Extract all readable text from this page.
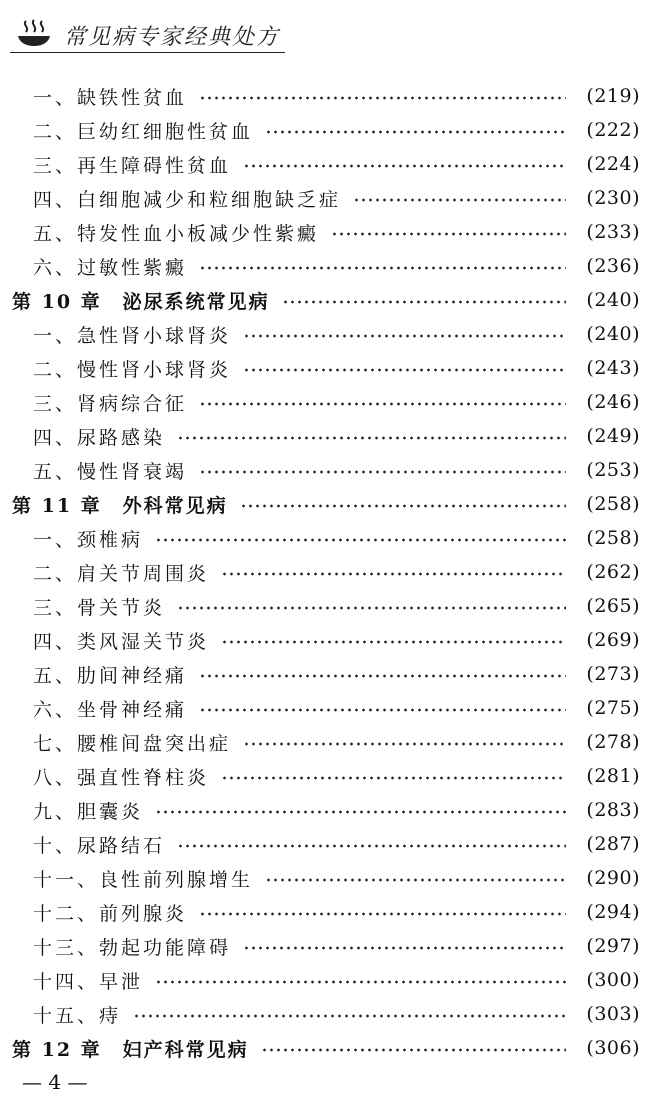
常见病专家经典处方
一、缺铁性贫血	(219)
二、巨幼红细胞性贫血	(222)
三、再生障碍性贫血	(224)
四、白细胞减少和粒细胞缺乏症	(230)
五、特发性血小板减少性紫癜	(233)
六、过敏性紫癜	(236)
第 10 章　泌尿系统常见病	(240)
一、急性肾小球肾炎	(240)
二、慢性肾小球肾炎	(243)
三、肾病综合征	(246)
四、尿路感染	(249)
五、慢性肾衰竭	(253)
第 11 章　外科常见病	(258)
一、颈椎病	(258)
二、肩关节周围炎	(262)
三、骨关节炎	(265)
四、类风湿关节炎	(269)
五、肋间神经痛	(273)
六、坐骨神经痛	(275)
七、腰椎间盘突出症	(278)
八、强直性脊柱炎	(281)
九、胆囊炎	(283)
十、尿路结石	(287)
十一、良性前列腺增生	(290)
十二、前列腺炎	(294)
十三、勃起功能障碍	(297)
十四、早泄	(300)
十五、痔	(303)
第 12 章　妇产科常见病	(306)
— 4 —
